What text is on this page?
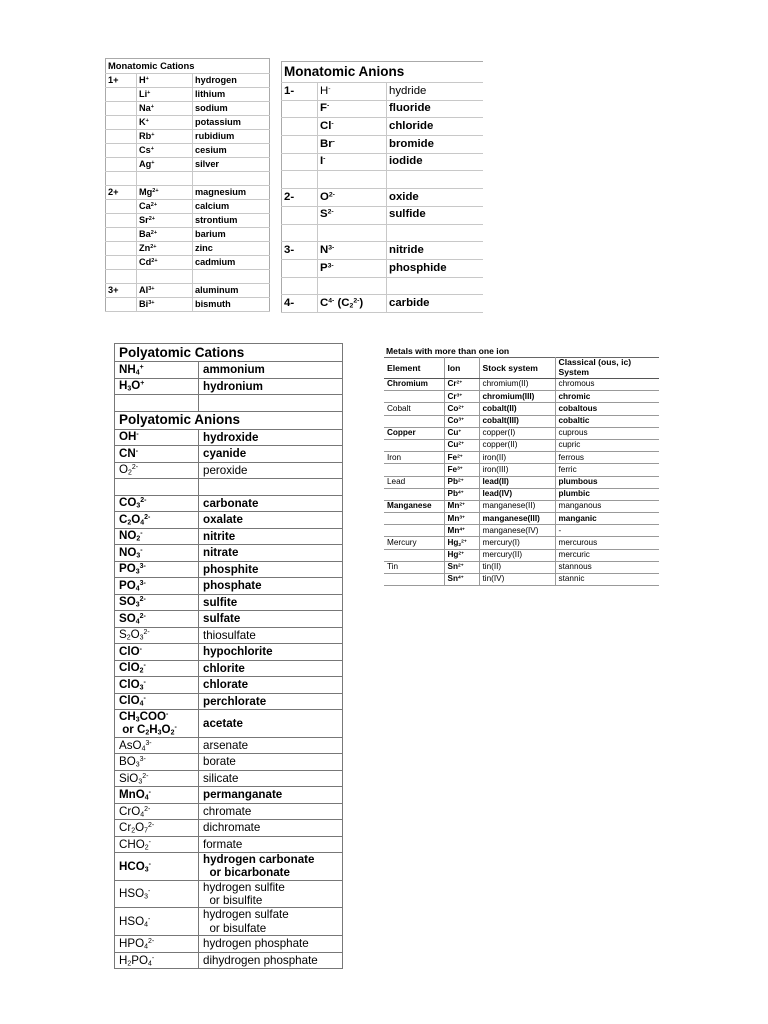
Monatomic Cations		
1+	H+	hydrogen
	Li+	lithium
	Na+	sodium
	K+	potassium
	Rb+	rubidium
	Cs+	cesium
	Ag+	silver

2+	$Mg^{2+}$	magnesium
	$Ca^{2+}$	calcium
	$Sr^{2+}$	strontium
	$Ba^{2+}$	barium
	$Zn^{2+}$	zinc
	$Cd^{2+}$	cadmium

3+	$Al^{3+}$	aluminum
	$Bi^{3+}$	bismuth
Monatomic Anions		
1-	H-	hydride
	F-	fluoride
	Cl-	chloride
	Br-	bromide
	I-	iodide

2-	$O^{2-}$	oxide
	$S^{2-}$	sulfide

3-	$N^{3-}$	nitride
	$P^{3-}$	phosphide

4-	$C^{4-}$ $(C_2^{2-})$	carbide
Polyatomic Cations	
$NH_4^+$	ammonium
$H_3O^+$	hydronium

Polyatomic Anions	
OH-	hydroxide
CN-	cyanide
$O_2^{2-}$	peroxide

$CO_3^{2-}$	carbonate
$C_2O_4^{2-}$	oxalate
$NO_2^-$	nitrite
$NO_3^-$	nitrate
$PO_3^{3-}$	phosphite
$PO_4^{3-}$	phosphate
$SO_3^{2-}$	sulfite
$SO_4^{2-}$	sulfate
$S_2O_3^{2-}$	thiosulfate
ClO-	hypochlorite
ClO$_2$-	chlorite
ClO$_3$-	chlorate
ClO$_4$-	perchlorate
$CH_3COO^-$
or $C_2H_3O_2^-$	acetate
AsO$_4^{3-}$	arsenate
$BO_3^{3-}$	borate
SiO$_3^{2-}$	silicate
MnO$_4$-	permanganate
CrO$_4^{2-}$	chromate
$Cr_2O_7^{2-}$	dichromate
$CHO_2^-$	formate
$HCO_3^-$	hydrogen carbonate
or bicarbonate
$HSO_3^-$	hydrogen sulfite
or bisulfite
$HSO_4^-$	hydrogen sulfate
or bisulfate
$HPO_4^{2-}$	hydrogen phosphate
$H_2PO_4^-$	dihydrogen phosphate
Metals with more than one ion			
Element	Ion	Stock system	Classical (ous, ic) System
Chromium	$Cr^{2+}$	chromium(II)	chromous
	$Cr^{3+}$	chromium(III)	chromic
Cobalt	$Co^{2+}$	cobalt(II)	cobaltous
	$Co^{3+}$	cobalt(III)	cobaltic
Copper	Cu+	copper(I)	cuprous
	$Cu^{2+}$	copper(II)	cupric
Iron	$Fe^{2+}$	iron(II)	ferrous
	$Fe^{3+}$	iron(III)	ferric
Lead	$Pb^{2+}$	lead(II)	plumbous
	$Pb^{4+}$	lead(IV)	plumbic
Manganese	$Mn^{2+}$	manganese(II)	manganous
	$Mn^{3+}$	manganese(III)	manganic
	$Mn^{4+}$	manganese(IV)	-
Mercury	$Hg_2^{2+}$	mercury(I)	mercurous
	$Hg^{2+}$	mercury(II)	mercuric
Tin	$Sn^{2+}$	tin(II)	stannous
	$Sn^{4+}$	tin(IV)	stannic
